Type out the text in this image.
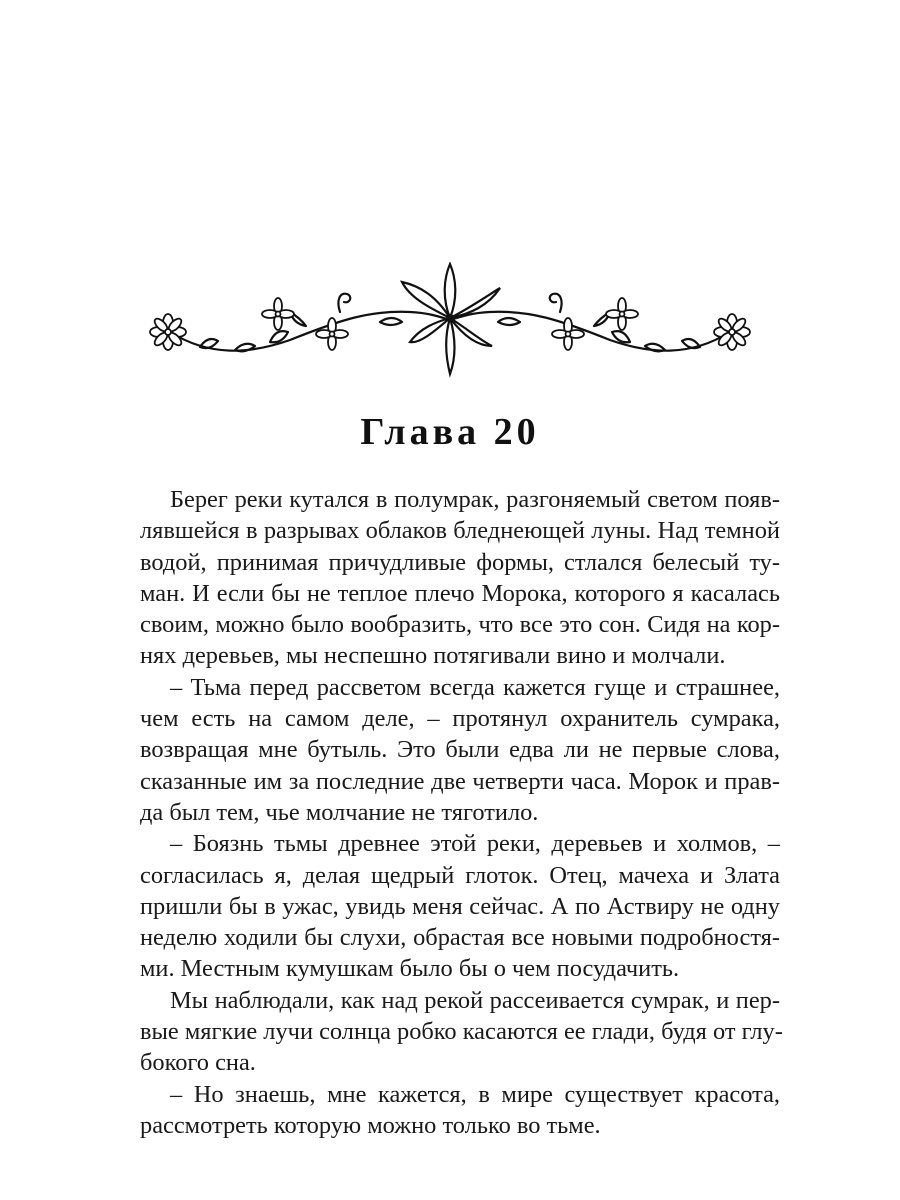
Глава 20
Берег реки кутался в полумрак, разгоняемый светом появ-
лявшейся в разрывах облаков бледнеющей луны. Над темной
водой, принимая причудливые формы, стлался белесый ту-
ман. И если бы не теплое плечо Морока, которого я касалась
своим, можно было вообразить, что все это сон. Сидя на кор-
нях деревьев, мы неспешно потягивали вино и молчали.
– Тьма перед рассветом всегда кажется гуще и страшнее,
чем есть на самом деле, – протянул охранитель сумрака,
возвращая мне бутыль. Это были едва ли не первые слова,
сказанные им за последние две четверти часа. Морок и прав-
да был тем, чье молчание не тяготило.
– Боязнь тьмы древнее этой реки, деревьев и холмов, –
согласилась я, делая щедрый глоток. Отец, мачеха и Злата
пришли бы в ужас, увидь меня сейчас. А по Аствиру не одну
неделю ходили бы слухи, обрастая все новыми подробностя-
ми. Местным кумушкам было бы о чем посудачить.
Мы наблюдали, как над рекой рассеивается сумрак, и пер-
вые мягкие лучи солнца робко касаются ее глади, будя от глу-
бокого сна.
– Но знаешь, мне кажется, в мире существует красота,
рассмотреть которую можно только во тьме.
